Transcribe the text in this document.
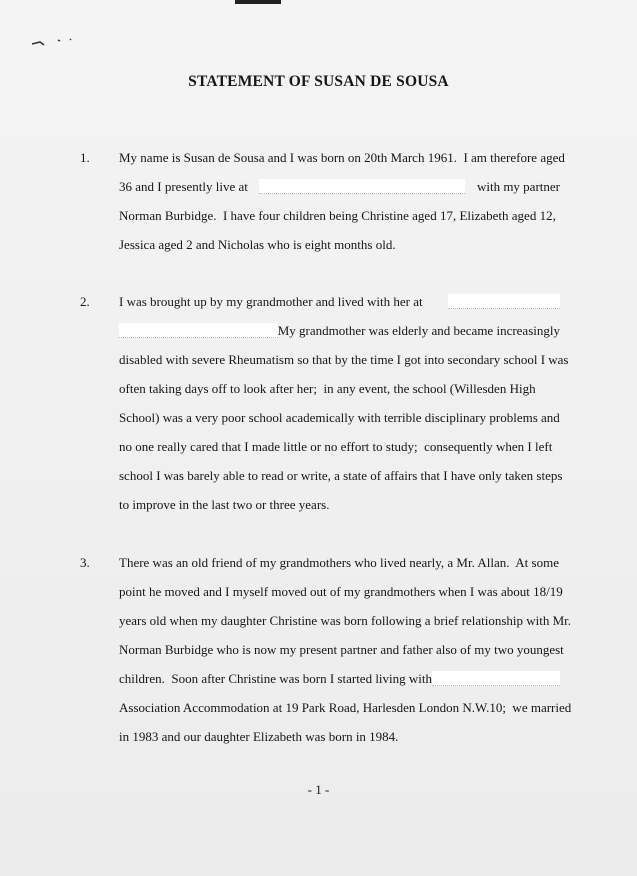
STATEMENT OF SUSAN DE SOUSA
1. My name is Susan de Sousa and I was born on 20th March 1961.  I am therefore aged
36 and I presently live at	with my partner
Norman Burbidge.  I have four children being Christine aged 17, Elizabeth aged 12,
Jessica aged 2 and Nicholas who is eight months old.
2. I was brought up by my grandmother and lived with her at
My grandmother was elderly and became increasingly
disabled with severe Rheumatism so that by the time I got into secondary school I was
often taking days off to look after her;  in any event, the school (Willesden High
School) was a very poor school academically with terrible disciplinary problems and
no one really cared that I made little or no effort to study;  consequently when I left
school I was barely able to read or write, a state of affairs that I have only taken steps
to improve in the last two or three years.
3. There was an old friend of my grandmothers who lived nearly, a Mr. Allan.  At some
point he moved and I myself moved out of my grandmothers when I was about 18/19
years old when my daughter Christine was born following a brief relationship with Mr.
Norman Burbidge who is now my present partner and father also of my two youngest
children.  Soon after Christine was born I started living with
Association Accommodation at 19 Park Road, Harlesden London N.W.10;  we married
in 1983 and our daughter Elizabeth was born in 1984.
- 1 -
